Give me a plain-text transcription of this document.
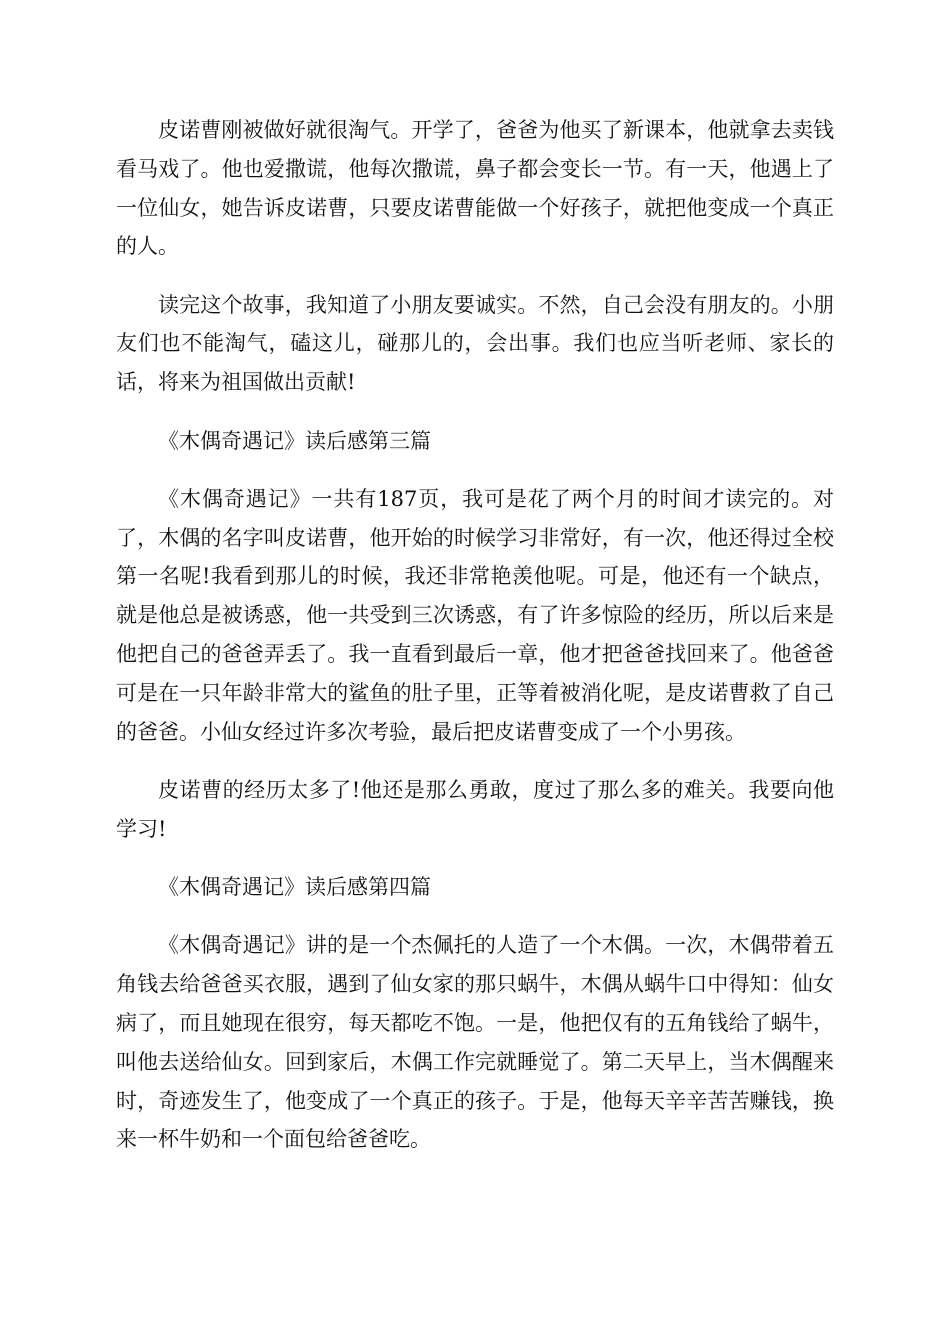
皮诺曹刚被做好就很淘气。开学了，爸爸为他买了新课本，他就拿去卖钱看马戏了。他也爱撒谎，他每次撒谎，鼻子都会变长一节。有一天，他遇上了一位仙女，她告诉皮诺曹，只要皮诺曹能做一个好孩子，就把他变成一个真正的人。

读完这个故事，我知道了小朋友要诚实。不然，自己会没有朋友的。小朋友们也不能淘气，磕这儿，碰那儿的，会出事。我们也应当听老师、家长的话，将来为祖国做出贡献!

《木偶奇遇记》读后感第三篇

《木偶奇遇记》一共有187页，我可是花了两个月的时间才读完的。对了，木偶的名字叫皮诺曹，他开始的时候学习非常好，有一次，他还得过全校第一名呢!我看到那儿的时候，我还非常艳羡他呢。可是，他还有一个缺点，就是他总是被诱惑，他一共受到三次诱惑，有了许多惊险的经历，所以后来是他把自己的爸爸弄丢了。我一直看到最后一章，他才把爸爸找回来了。他爸爸可是在一只年龄非常大的鲨鱼的肚子里，正等着被消化呢，是皮诺曹救了自己的爸爸。小仙女经过许多次考验，最后把皮诺曹变成了一个小男孩。

皮诺曹的经历太多了!他还是那么勇敢，度过了那么多的难关。我要向他学习!

《木偶奇遇记》读后感第四篇

《木偶奇遇记》讲的是一个杰佩托的人造了一个木偶。一次，木偶带着五角钱去给爸爸买衣服，遇到了仙女家的那只蜗牛，木偶从蜗牛口中得知：仙女病了，而且她现在很穷，每天都吃不饱。一是，他把仅有的五角钱给了蜗牛，叫他去送给仙女。回到家后，木偶工作完就睡觉了。第二天早上，当木偶醒来时，奇迹发生了，他变成了一个真正的孩子。于是，他每天辛辛苦苦赚钱，换来一杯牛奶和一个面包给爸爸吃。
